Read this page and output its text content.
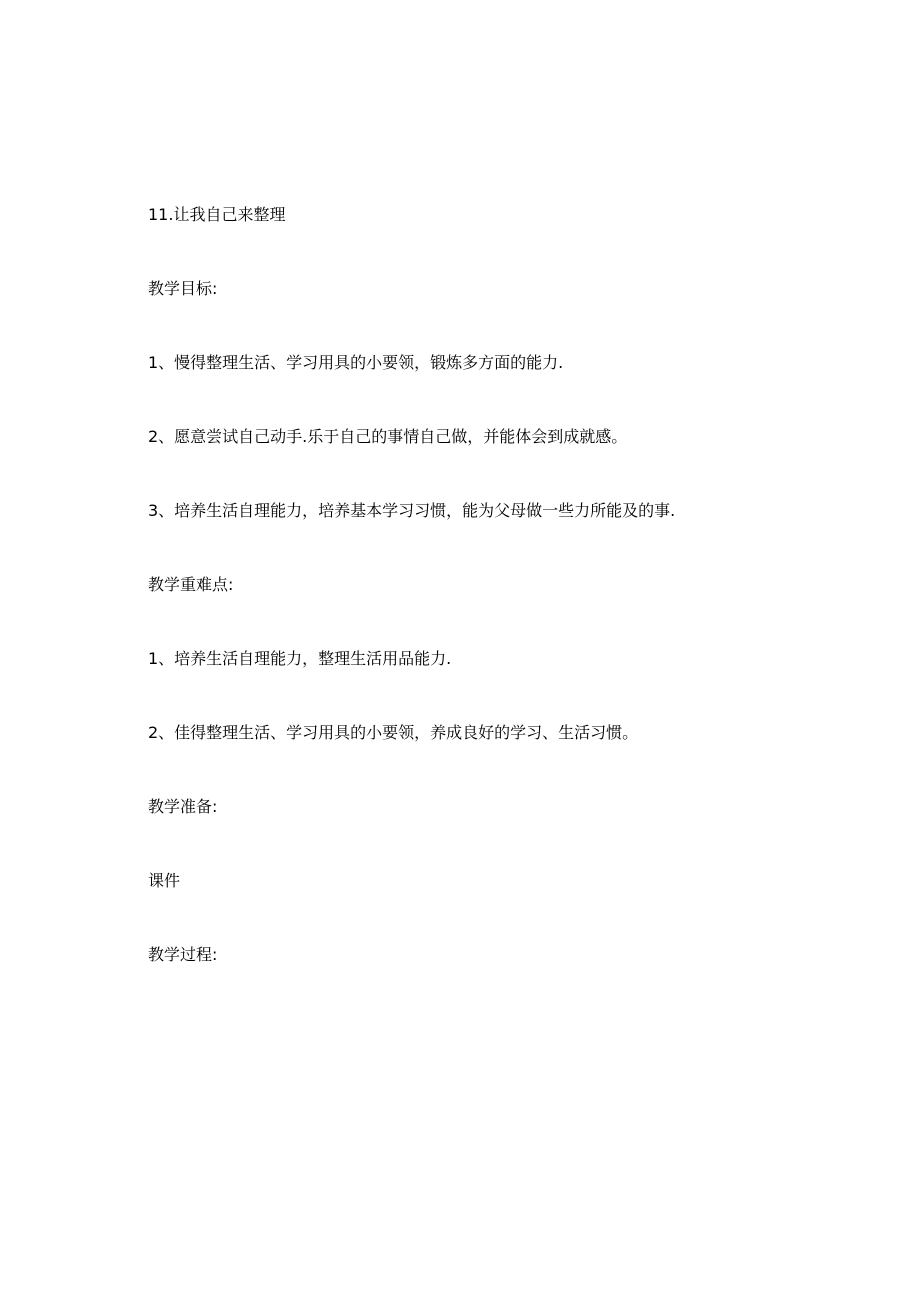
11.让我自己来整理
教学目标:
1、慢得整理生活、学习用具的小要领，锻炼多方面的能力.
2、愿意尝试自己动手.乐于自己的事情自己做，并能体会到成就感。
3、培养生活自理能力，培养基本学习习惯，能为父母做一些力所能及的事.
教学重难点:
1、培养生活自理能力，整理生活用品能力.
2、佳得整理生活、学习用具的小要领，养成良好的学习、生活习惯。
教学准备:
课件
教学过程:
